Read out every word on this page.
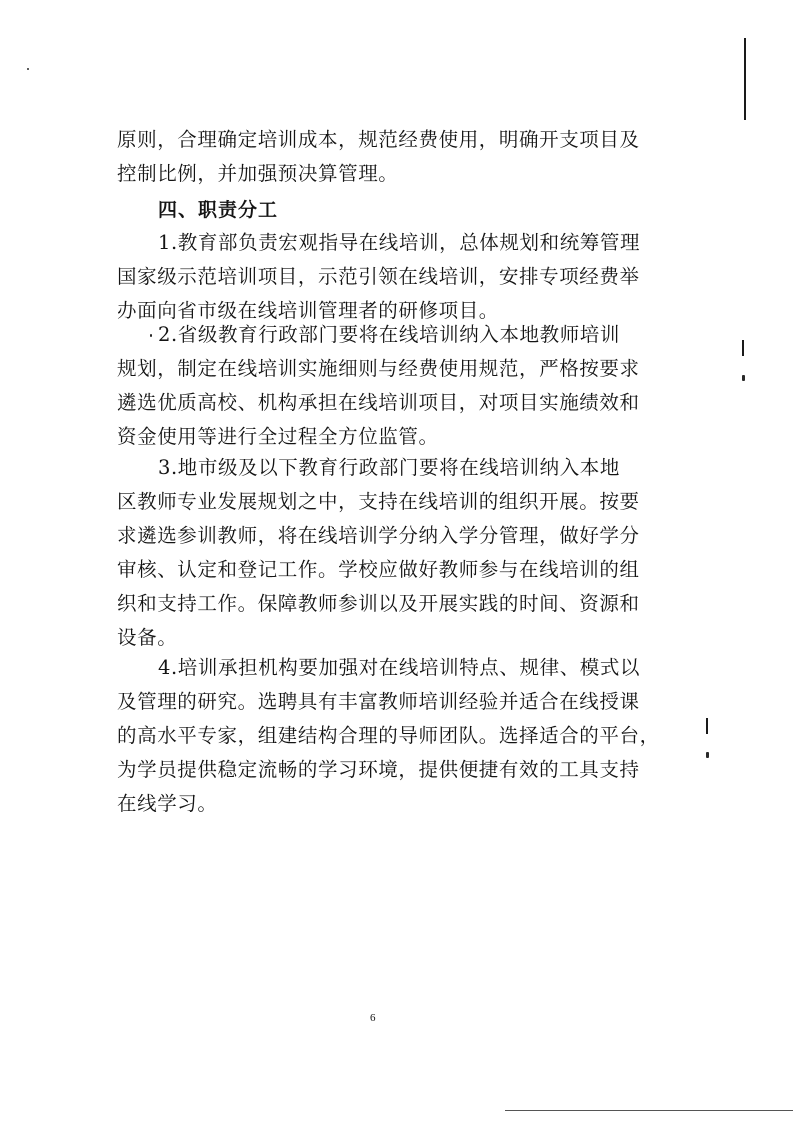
原则，合理确定培训成本，规范经费使用，明确开支项目及
控制比例，并加强预决算管理。
四、职责分工
1.教育部负责宏观指导在线培训，总体规划和统筹管理
国家级示范培训项目，示范引领在线培训，安排专项经费举
办面向省市级在线培训管理者的研修项目。
2.省级教育行政部门要将在线培训纳入本地教师培训
规划，制定在线培训实施细则与经费使用规范，严格按要求
遴选优质高校、机构承担在线培训项目，对项目实施绩效和
资金使用等进行全过程全方位监管。
3.地市级及以下教育行政部门要将在线培训纳入本地
区教师专业发展规划之中，支持在线培训的组织开展。按要
求遴选参训教师，将在线培训学分纳入学分管理，做好学分
审核、认定和登记工作。学校应做好教师参与在线培训的组
织和支持工作。保障教师参训以及开展实践的时间、资源和
设备。
4.培训承担机构要加强对在线培训特点、规律、模式以
及管理的研究。选聘具有丰富教师培训经验并适合在线授课
的高水平专家，组建结构合理的导师团队。选择适合的平台，
为学员提供稳定流畅的学习环境，提供便捷有效的工具支持
在线学习。
6
